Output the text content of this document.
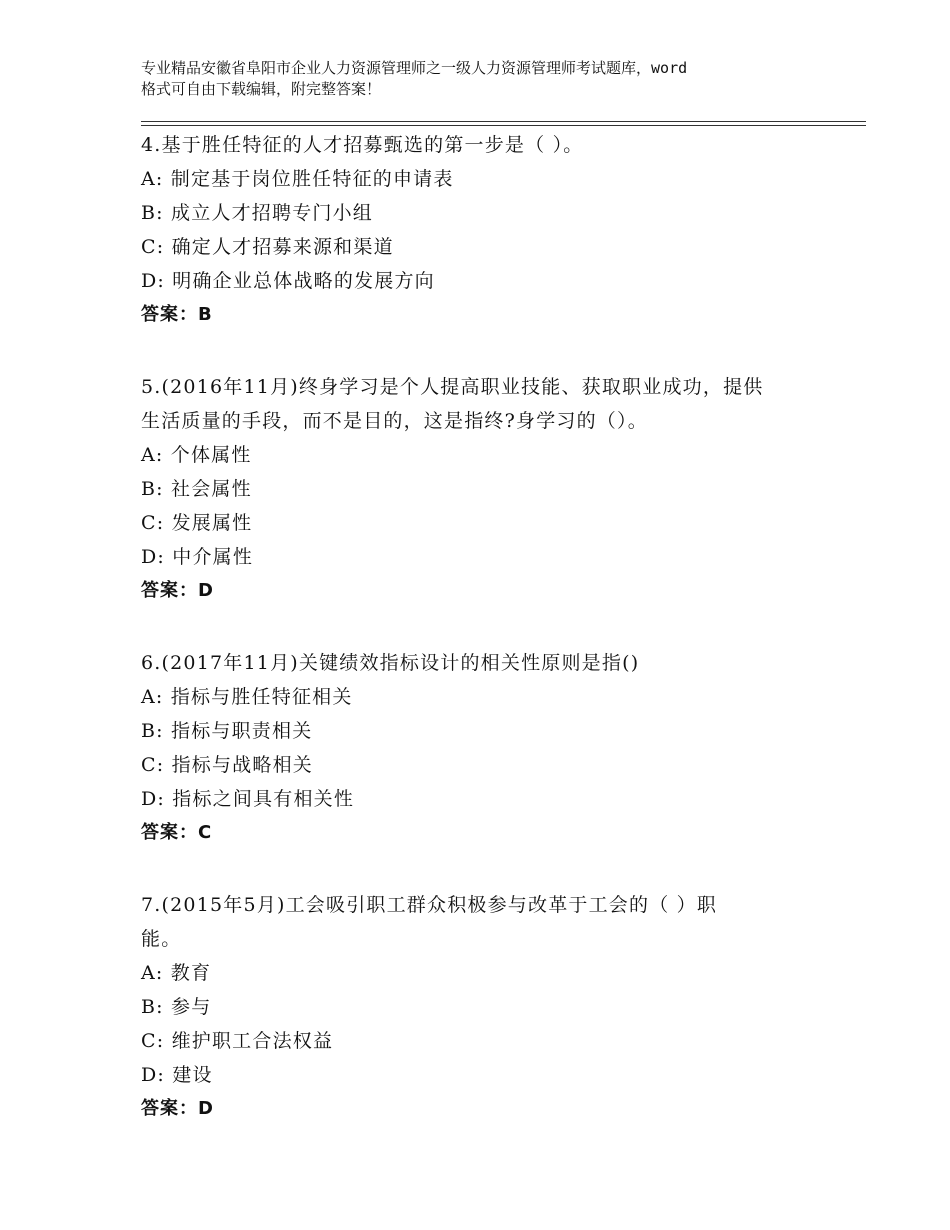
专业精品安徽省阜阳市企业人力资源管理师之一级人力资源管理师考试题库，word
格式可自由下载编辑，附完整答案！
4.基于胜任特征的人才招募甄选的第一步是（ ）。
A: 制定基于岗位胜任特征的申请表
B: 成立人才招聘专门小组
C: 确定人才招募来源和渠道
D: 明确企业总体战略的发展方向
答案：B
5.(2016年11月)终身学习是个人提高职业技能、获取职业成功，提供
生活质量的手段，而不是目的，这是指终?身学习的（）。
A: 个体属性
B: 社会属性
C: 发展属性
D: 中介属性
答案：D
6.(2017年11月)关键绩效指标设计的相关性原则是指()
A: 指标与胜任特征相关
B: 指标与职责相关
C: 指标与战略相关
D: 指标之间具有相关性
答案：C
7.(2015年5月)工会吸引职工群众积极参与改革于工会的（ ）职
能。
A: 教育
B: 参与
C: 维护职工合法权益
D: 建设
答案：D
